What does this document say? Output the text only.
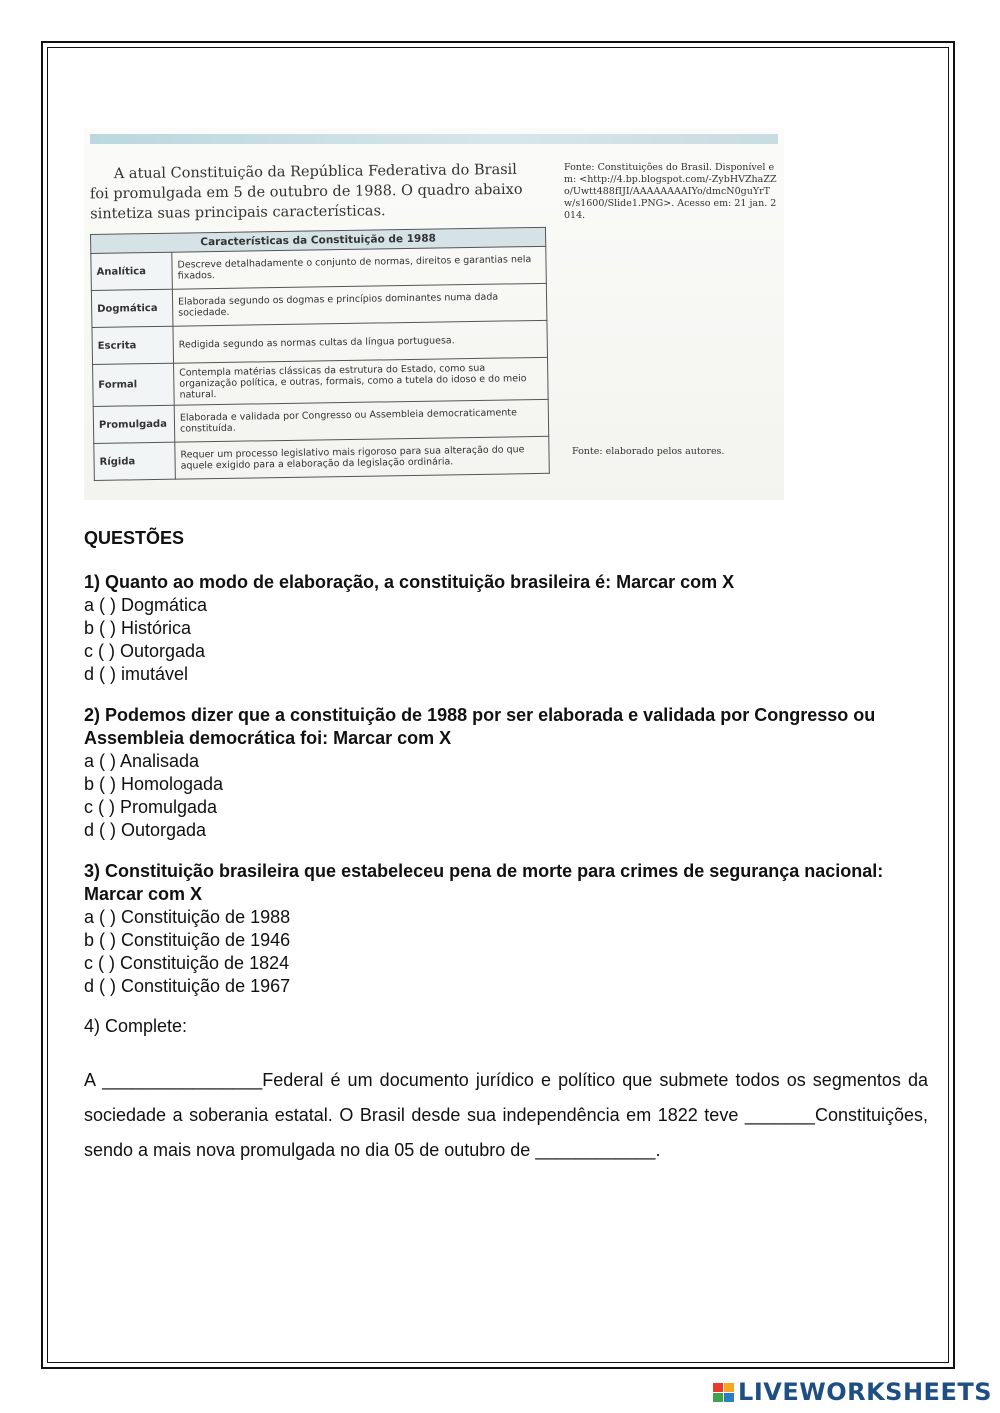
A atual Constituição da República Federativa do Brasil foi promulgada em 5 de outubro de 1988. O quadro abaixo sintetiza suas principais características.
Fonte: Constituições do Brasil. Disponível em: <http://4.bp.blogspot.com/-ZybHVZhaZZo/Uwtt488fIJI/AAAAAAAAIYo/dmcN0guYrTw/s1600/Slide1.PNG>. Acesso em: 21 jan. 2014.
Características da Constituição de 1988	
Analítica	Descreve detalhadamente o conjunto de normas, direitos e garantias nela fixados.
Dogmática	Elaborada segundo os dogmas e princípios dominantes numa dada sociedade.
Escrita	Redigida segundo as normas cultas da língua portuguesa.
Formal	Contempla matérias clássicas da estrutura do Estado, como sua organização política, e outras, formais, como a tutela do idoso e do meio natural.
Promulgada	Elaborada e validada por Congresso ou Assembleia democraticamente constituída.
Rígida	Requer um processo legislativo mais rigoroso para sua alteração do que aquele exigido para a elaboração da legislação ordinária.
Fonte: elaborado pelos autores.
QUESTÕES
1) Quanto ao modo de elaboração, a constituição brasileira é: Marcar com X
a ( ) Dogmática
b ( ) Histórica
c ( ) Outorgada
d ( ) imutável
2) Podemos dizer que a constituição de 1988 por ser elaborada e validada por Congresso ou Assembleia democrática foi: Marcar com X
a ( ) Analisada
b ( ) Homologada
c ( ) Promulgada
d ( ) Outorgada
3) Constituição brasileira que estabeleceu pena de morte para crimes de segurança nacional: Marcar com X
a ( ) Constituição de 1988
b ( ) Constituição de 1946
c ( ) Constituição de 1824
d ( ) Constituição de 1967
4) Complete:
A ________________Federal é um documento jurídico e político que submete todos os segmentos da sociedade a soberania estatal. O Brasil desde sua independência em 1822 teve _______Constituições, sendo a mais nova promulgada no dia 05 de outubro de ____________.
LIVEWORKSHEETS
